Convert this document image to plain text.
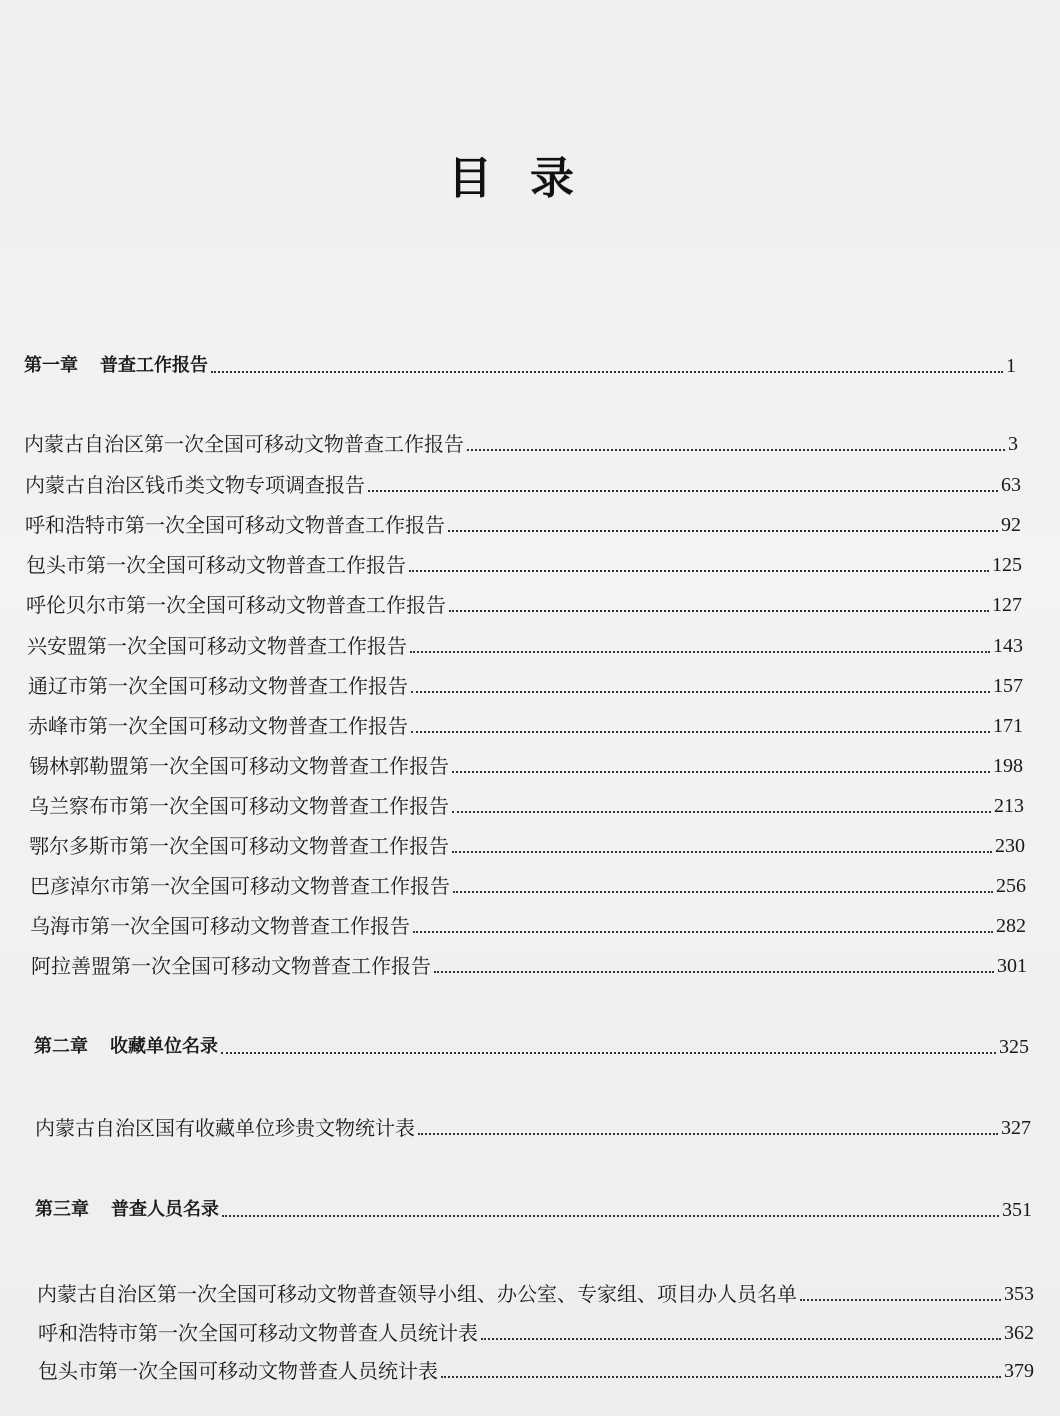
目录
第一章 普查工作报告	1
内蒙古自治区第一次全国可移动文物普查工作报告	3
内蒙古自治区钱币类文物专项调查报告	63
呼和浩特市第一次全国可移动文物普查工作报告	92
包头市第一次全国可移动文物普查工作报告	125
呼伦贝尔市第一次全国可移动文物普查工作报告	127
兴安盟第一次全国可移动文物普查工作报告	143
通辽市第一次全国可移动文物普查工作报告	157
赤峰市第一次全国可移动文物普查工作报告	171
锡林郭勒盟第一次全国可移动文物普查工作报告	198
乌兰察布市第一次全国可移动文物普查工作报告	213
鄂尔多斯市第一次全国可移动文物普查工作报告	230
巴彦淖尔市第一次全国可移动文物普查工作报告	256
乌海市第一次全国可移动文物普查工作报告	282
阿拉善盟第一次全国可移动文物普查工作报告	301
第二章 收藏单位名录	325
内蒙古自治区国有收藏单位珍贵文物统计表	327
第三章 普查人员名录	351
内蒙古自治区第一次全国可移动文物普查领导小组、办公室、专家组、项目办人员名单	353
呼和浩特市第一次全国可移动文物普查人员统计表	362
包头市第一次全国可移动文物普查人员统计表	379
